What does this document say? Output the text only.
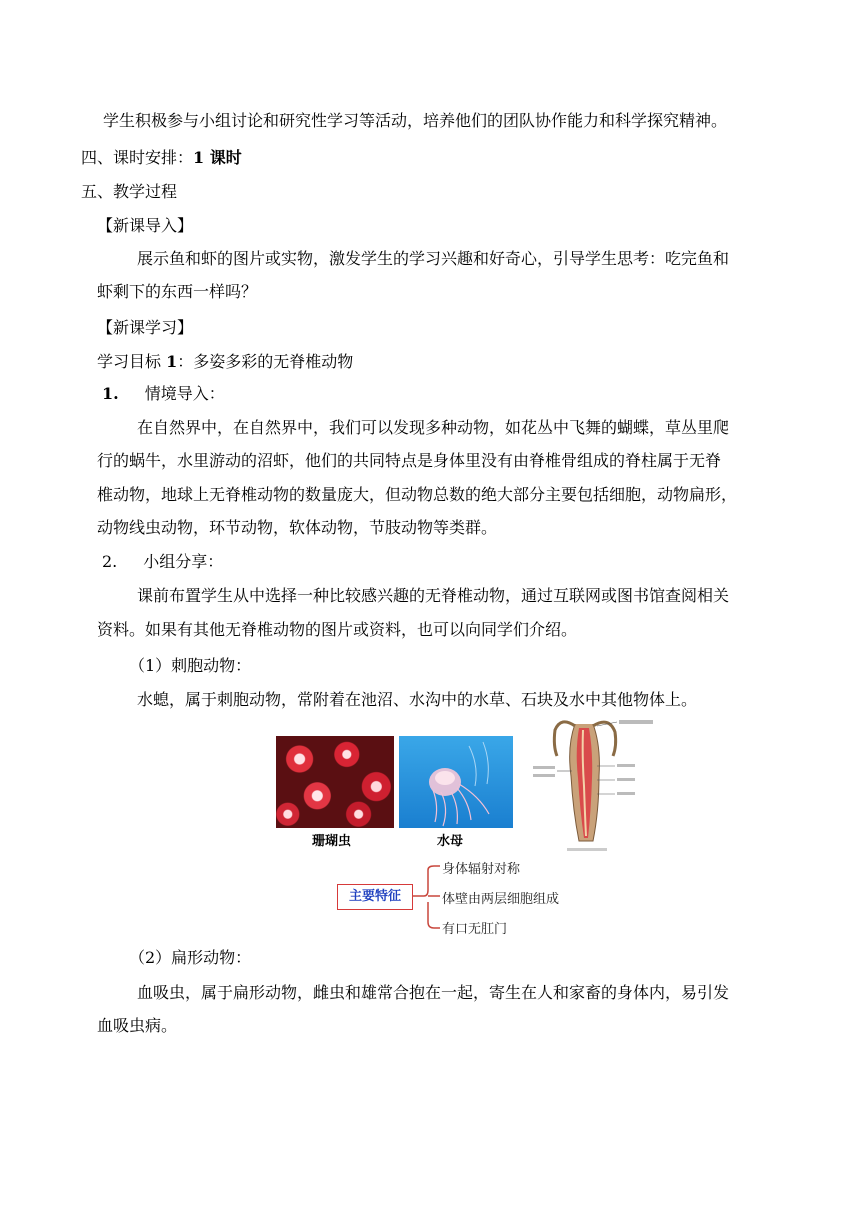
学生积极参与小组讨论和研究性学习等活动，培养他们的团队协作能力和科学探究精神。
四、课时安排：1 课时
五、教学过程
【新课导入】
展示鱼和虾的图片或实物，激发学生的学习兴趣和好奇心，引导学生思考：吃完鱼和
虾剩下的东西一样吗？
【新课学习】
学习目标 1：多姿多彩的无脊椎动物
1. 情境导入：
在自然界中，在自然界中，我们可以发现多种动物，如花丛中飞舞的蝴蝶，草丛里爬
行的蜗牛，水里游动的沼虾，他们的共同特点是身体里没有由脊椎骨组成的脊柱属于无脊
椎动物，地球上无脊椎动物的数量庞大，但动物总数的绝大部分主要包括细胞，动物扁形，
动物线虫动物，环节动物，软体动物，节肢动物等类群。
2. 小组分享：
课前布置学生从中选择一种比较感兴趣的无脊椎动物，通过互联网或图书馆查阅相关
资料。如果有其他无脊椎动物的图片或资料，也可以向同学们介绍。
（1）刺胞动物：
水螅，属于刺胞动物，常附着在池沼、水沟中的水草、石块及水中其他物体上。
珊瑚虫	水母
主要特征
身体辐射对称
体壁由两层细胞组成
有口无肛门
（2）扁形动物：
血吸虫，属于扁形动物，雌虫和雄常合抱在一起，寄生在人和家畜的身体内，易引发
血吸虫病。
